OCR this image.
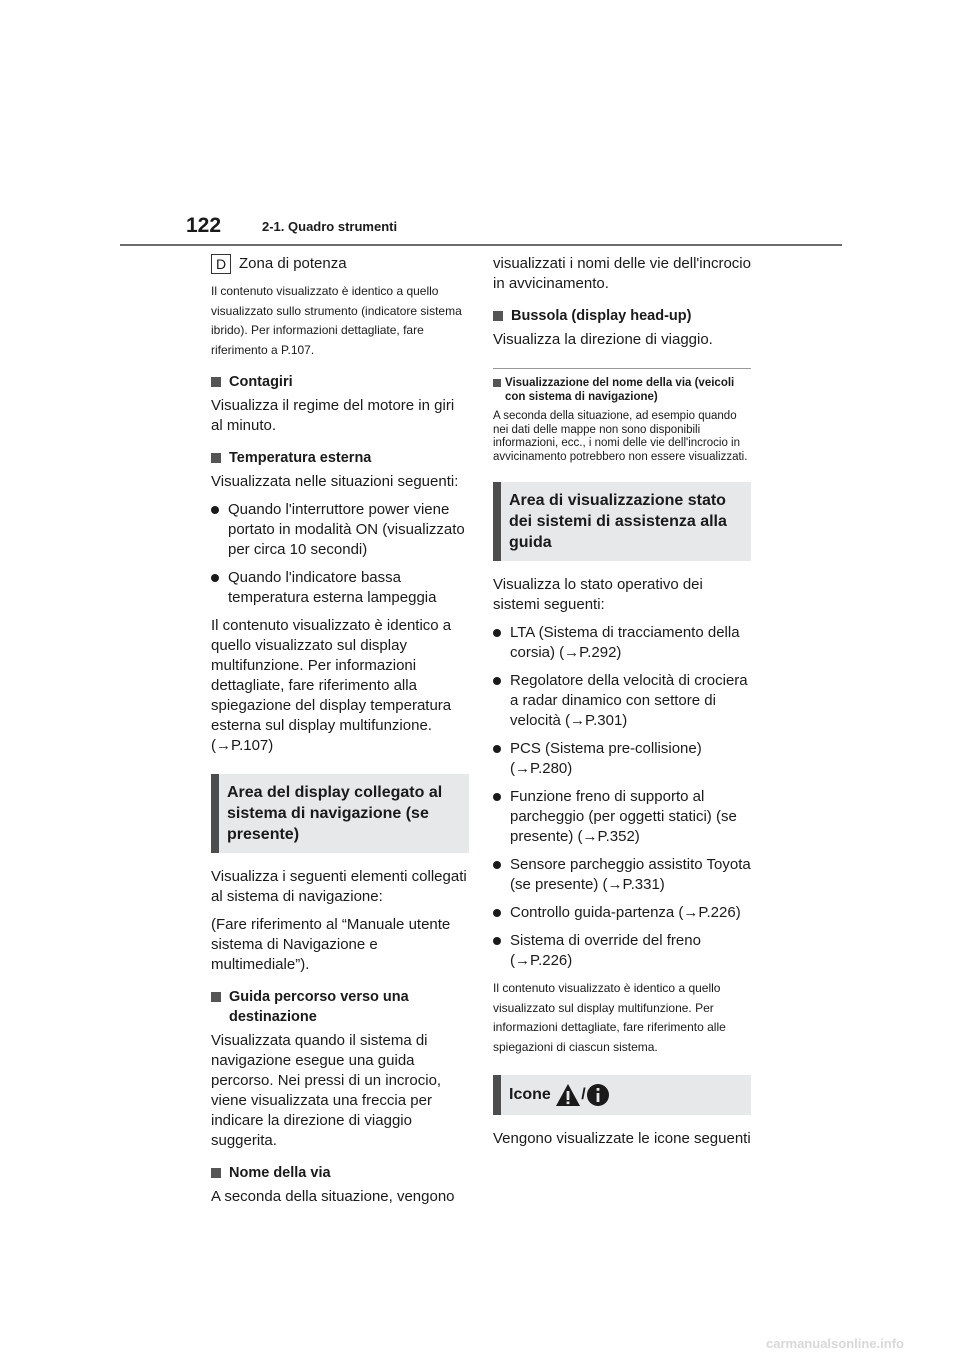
122	2-1. Quadro strumenti

D Zona di potenza

Il contenuto visualizzato è identico a quello visualizzato sullo strumento (indicatore sistema ibrido). Per informazioni dettagliate, fare riferimento a P.107.

Contagiri

Visualizza il regime del motore in giri al minuto.

Temperatura esterna

Visualizzata nelle situazioni seguenti:

Quando l'interruttore power viene portato in modalità ON (visualizzato per circa 10 secondi)
Quando l'indicatore bassa temperatura esterna lampeggia

Il contenuto visualizzato è identico a quello visualizzato sul display multifunzione. Per informazioni dettagliate, fare riferimento alla spiegazione del display temperatura esterna sul display multifunzione. (→P.107)

Area del display collegato al sistema di navigazione (se presente)

Visualizza i seguenti elementi collegati al sistema di navigazione:

(Fare riferimento al “Manuale utente sistema di Navigazione e multimediale”).

Guida percorso verso una destinazione

Visualizzata quando il sistema di navigazione esegue una guida percorso. Nei pressi di un incrocio, viene visualizzata una freccia per indicare la direzione di viaggio suggerita.

Nome della via

A seconda della situazione, vengono

visualizzati i nomi delle vie dell'incrocio in avvicinamento.

Bussola (display head-up)

Visualizza la direzione di viaggio.

Visualizzazione del nome della via (veicoli con sistema di navigazione)

A seconda della situazione, ad esempio quando nei dati delle mappe non sono disponibili informazioni, ecc., i nomi delle vie dell'incrocio in avvicinamento potrebbero non essere visualizzati.

Area di visualizzazione stato dei sistemi di assistenza alla guida

Visualizza lo stato operativo dei sistemi seguenti:

LTA (Sistema di tracciamento della corsia) (→P.292)
Regolatore della velocità di crociera a radar dinamico con settore di velocità (→P.301)
PCS (Sistema pre-collisione) (→P.280)
Funzione freno di supporto al parcheggio (per oggetti statici) (se presente) (→P.352)
Sensore parcheggio assistito Toyota (se presente) (→P.331)
Controllo guida-partenza (→P.226)
Sistema di override del freno (→P.226)

Il contenuto visualizzato è identico a quello visualizzato sul display multifunzione. Per informazioni dettagliate, fare riferimento alle spiegazioni di ciascun sistema.

Icone /

Vengono visualizzate le icone seguenti

carmanualsonline.info
